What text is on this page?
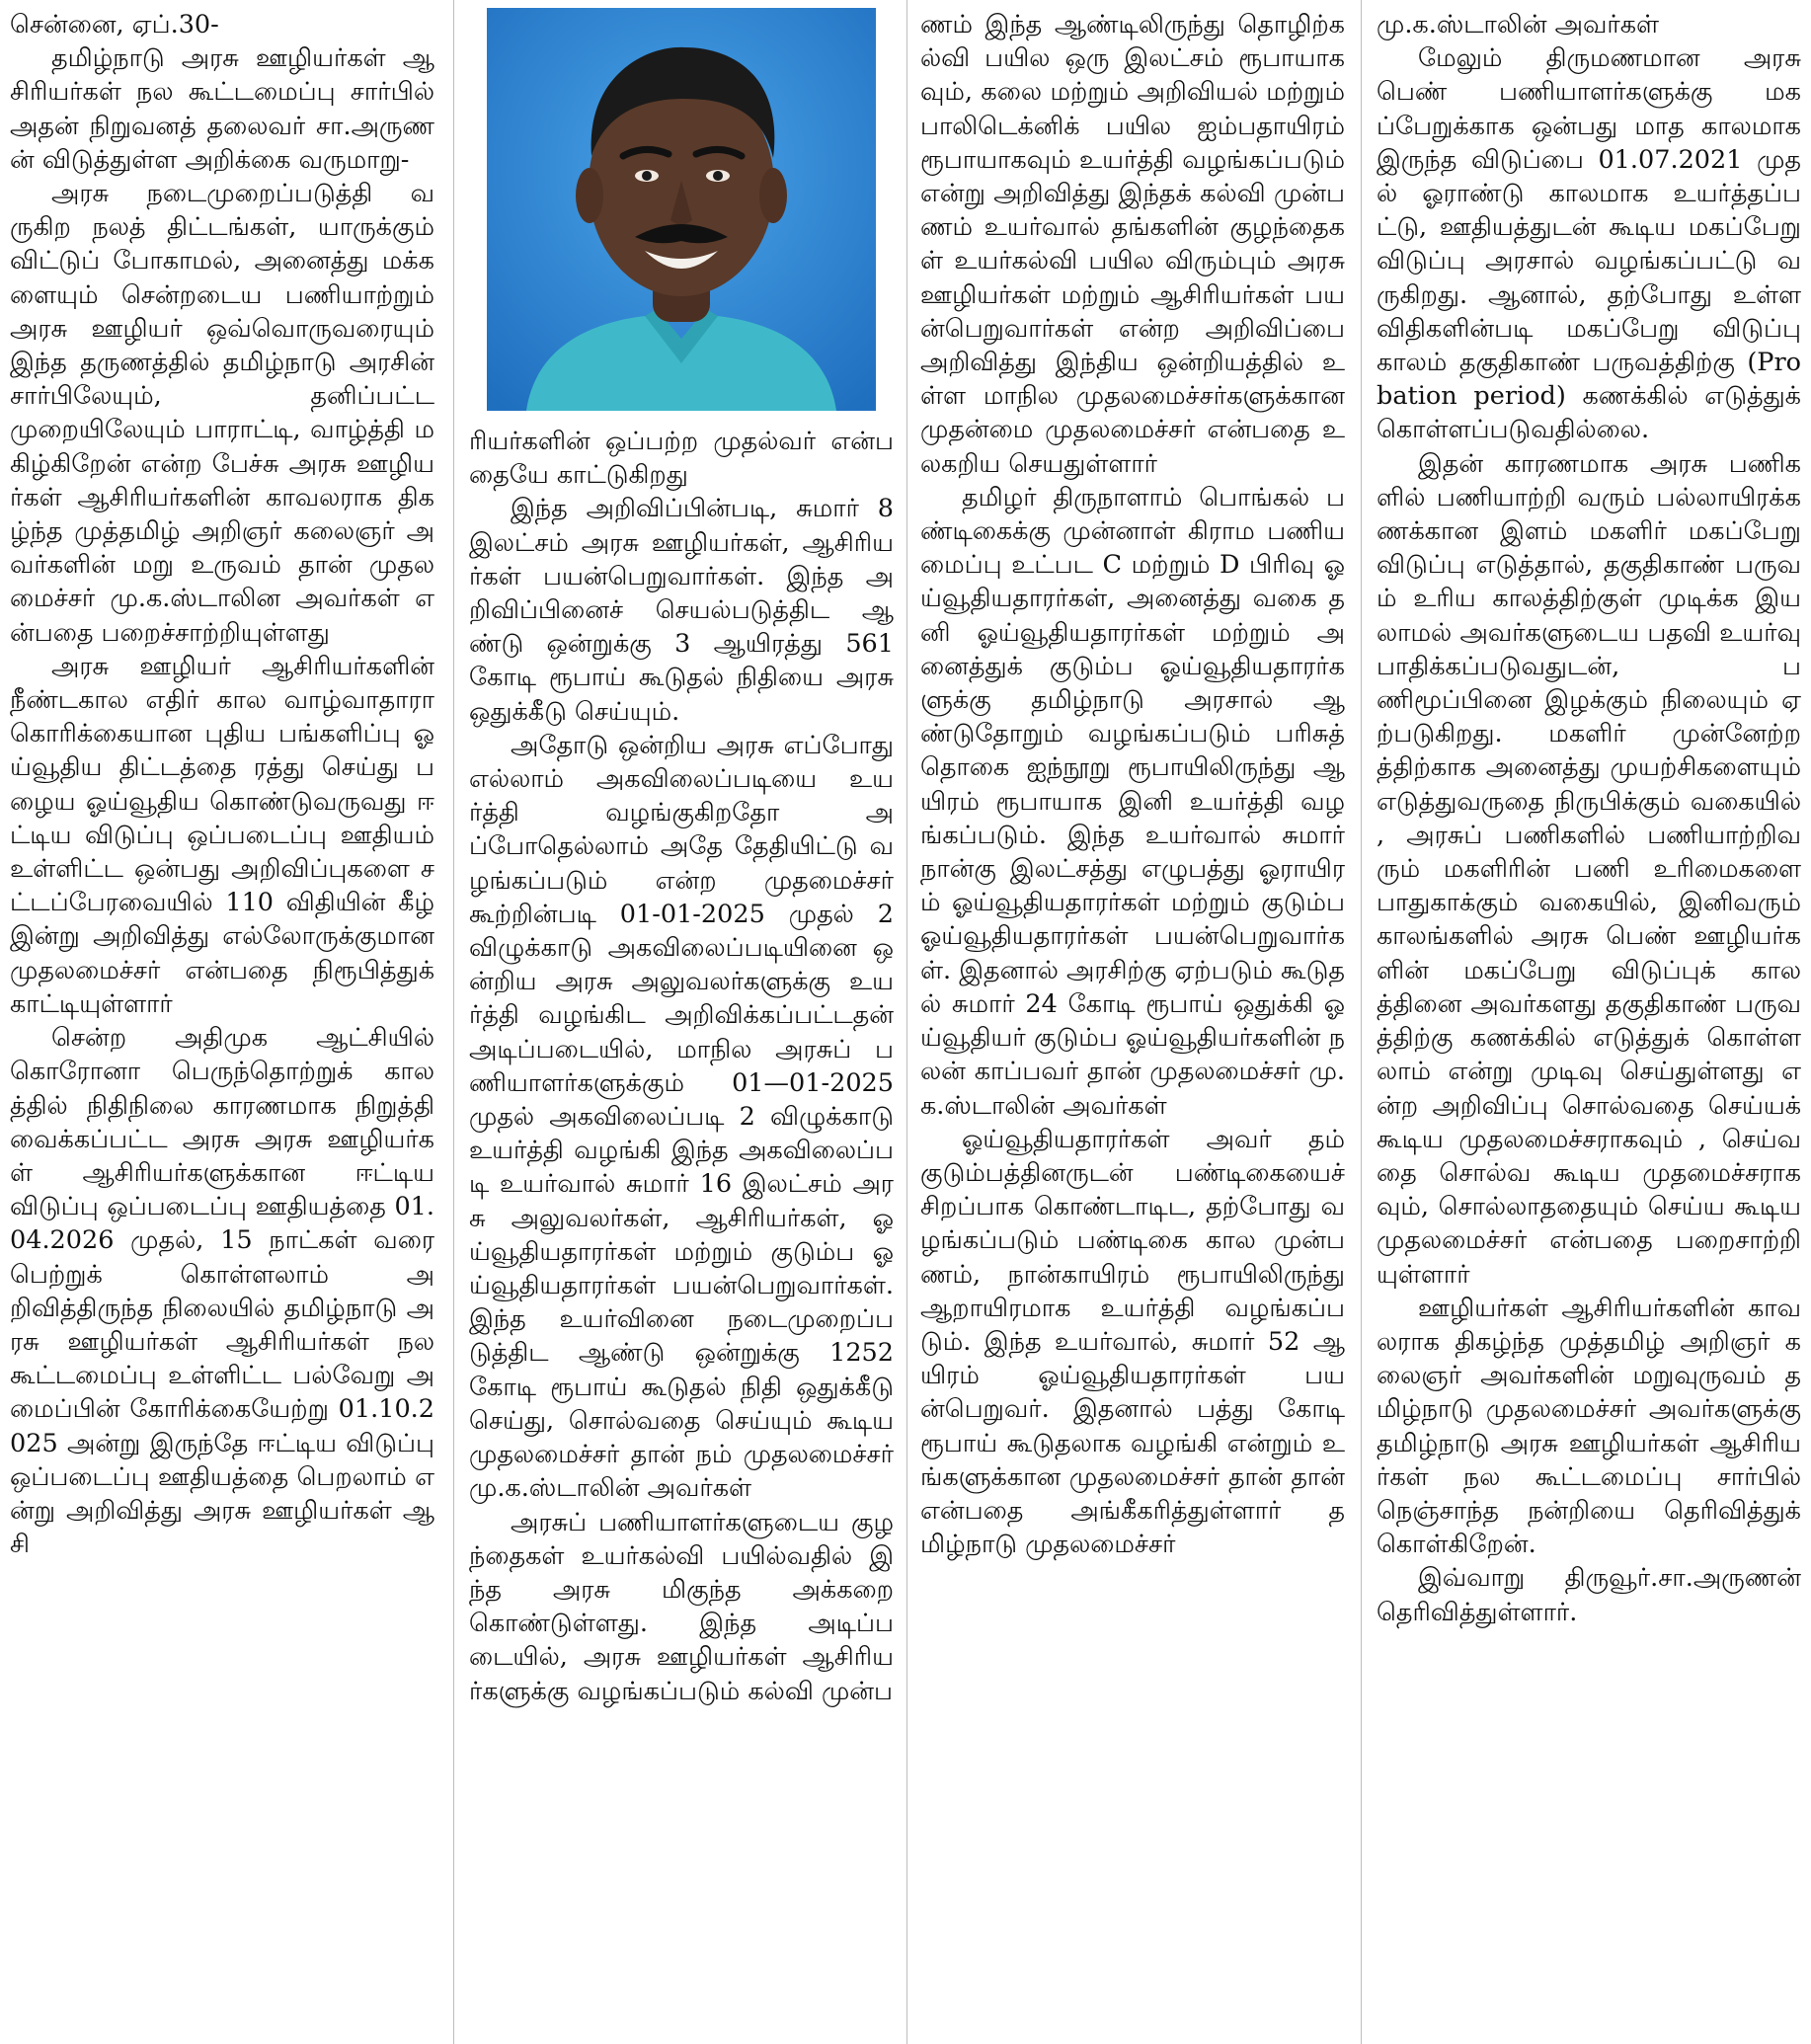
சென்னை, ஏப்.30-

தமிழ்நாடு அரசு ஊழியர்கள் ஆசிரியர்கள் நல கூட்டமைப்பு சார்பில் அதன் நிறுவனத் தலைவர் சா.அருணன் விடுத்துள்ள அறிக்கை வருமாறு-

அரசு நடைமுறைப்படுத்தி வருகிற நலத் திட்டங்கள், யாருக்கும் விட்டுப் போகாமல், அனைத்து மக்களையும் சென்றடைய பணியாற்றும் அரசு ஊழியர் ஒவ்வொருவரையும் இந்த தருணத்தில் தமிழ்நாடு அரசின் சார்பிலேயும், தனிப்பட்ட முறையிலேயும் பாராட்டி, வாழ்த்தி மகிழ்கிறேன் என்ற பேச்சு அரசு ஊழியர்கள் ஆசிரியர்களின் காவலராக திகழ்ந்த முத்தமிழ் அறிஞர் கலைஞர் அவர்களின் மறு உருவம் தான் முதலமைச்சர் மு.க.ஸ்டாலின அவர்கள் என்பதை பறைச்சாற்றியுள்ளது

அரசு ஊழியர் ஆசிரியர்களின் நீண்டகால எதிர் கால வாழ்வாதாரா கொரிக்கையான புதிய பங்களிப்பு ஓய்வூதிய திட்டத்தை ரத்து செய்து பழைய ஓய்வூதிய கொண்டுவருவது ஈட்டிய விடுப்பு ஒப்படைப்பு ஊதியம் உள்ளிட்ட ஒன்பது அறிவிப்புகளை சட்டப்பேரவையில் 110 விதியின் கீழ் இன்று அறிவித்து எல்லோருக்குமான முதலமைச்சர் என்பதை நிரூபித்துக் காட்டியுள்ளார்

சென்ற அதிமுக ஆட்சியில் கொரோனா பெருந்தொற்றுக் காலத்தில் நிதிநிலை காரணமாக நிறுத்தி வைக்கப்பட்ட அரசு அரசு ஊழியர்கள் ஆசிரியர்களுக்கான ஈட்டிய விடுப்பு ஒப்படைப்பு ஊதியத்தை 01.04.2026 முதல், 15 நாட்கள் வரை பெற்றுக் கொள்ளலாம் அறிவித்திருந்த நிலையில் தமிழ்நாடு அரசு ஊழியர்கள் ஆசிரியர்கள் நல கூட்டமைப்பு உள்ளிட்ட பல்வேறு அமைப்பின் கோரிக்கையேற்று 01.10.2025 அன்று இருந்தே ஈட்டிய விடுப்பு ஒப்படைப்பு ஊதியத்தை பெறலாம் என்று அறிவித்து அரசு ஊழியர்கள் ஆசி

ரியர்களின் ஒப்பற்ற முதல்வர் என்பதையே காட்டுகிறது

இந்த அறிவிப்பின்படி, சுமார் 8 இலட்சம் அரசு ஊழியர்கள், ஆசிரியர்கள் பயன்பெறுவார்கள். இந்த அறிவிப்பினைச் செயல்படுத்திட ஆண்டு ஒன்றுக்கு 3 ஆயிரத்து 561 கோடி ரூபாய் கூடுதல் நிதியை அரசு ஒதுக்கீடு செய்யும்.

அதோடு ஒன்றிய அரசு எப்போது எல்லாம் அகவிலைப்படியை உயர்த்தி வழங்குகிறதோ அப்போதெல்லாம் அதே தேதியிட்டு வழங்கப்படும் என்ற முதமைச்சர் கூற்றின்படி 01-01-2025 முதல் 2 விழுக்காடு அகவிலைப்படியினை ஒன்றிய அரசு அலுவலர்களுக்கு உயர்த்தி வழங்கிட அறிவிக்கப்பட்டதன் அடிப்படையில், மாநில அரசுப் பணியாளர்களுக்கும் 01—01-2025 முதல் அகவிலைப்படி 2 விழுக்காடு உயர்த்தி வழங்கி இந்த அகவிலைப்படி உயர்வால் சுமார் 16 இலட்சம் அரசு அலுவலர்கள், ஆசிரியர்கள், ஓய்வூதியதாரர்கள் மற்றும் குடும்ப ஓய்வூதியதாரர்கள் பயன்பெறுவார்கள். இந்த உயர்வினை நடைமுறைப்படுத்திட ஆண்டு ஒன்றுக்கு 1252 கோடி ரூபாய் கூடுதல் நிதி ஒதுக்கீடு செய்து, சொல்வதை செய்யும் கூடிய முதலமைச்சர் தான் நம் முதலமைச்சர் மு.க.ஸ்டாலின் அவர்கள்

அரசுப் பணியாளர்களுடைய குழந்தைகள் உயர்கல்வி பயில்வதில் இந்த அரசு மிகுந்த அக்கறை கொண்டுள்ளது. இந்த அடிப்படையில், அரசு ஊழியர்கள் ஆசிரியர்களுக்கு வழங்கப்படும் கல்வி முன்ப

ணம் இந்த ஆண்டிலிருந்து தொழிற்கல்வி பயில ஒரு இலட்சம் ரூபாயாகவும், கலை மற்றும் அறிவியல் மற்றும் பாலிடெக்னிக் பயில ஐம்பதாயிரம் ரூபாயாகவும் உயர்த்தி வழங்கப்படும் என்று அறிவித்து இந்தக் கல்வி முன்பணம் உயர்வால் தங்களின் குழந்தைகள் உயர்கல்வி பயில விரும்பும் அரசு ஊழியர்கள் மற்றும் ஆசிரியர்கள் பயன்பெறுவார்கள் என்ற அறிவிப்பை அறிவித்து இந்திய ஒன்றியத்தில் உள்ள மாநில முதலமைச்சர்களுக்கான முதன்மை முதலமைச்சர் என்பதை உலகறிய செயதுள்ளார்

தமிழர் திருநாளாம் பொங்கல் பண்டிகைக்கு முன்னாள் கிராம பணியமைப்பு உட்பட C மற்றும் D பிரிவு ஓய்வூதியதாரர்கள், அனைத்து வகை தனி ஓய்வூதியதாரர்கள் மற்றும் அனைத்துக் குடும்ப ஓய்வூதியதாரர்களுக்கு தமிழ்நாடு அரசால் ஆண்டுதோறும் வழங்கப்படும் பரிசுத் தொகை ஐந்நூறு ரூபாயிலிருந்து ஆயிரம் ரூபாயாக இனி உயர்த்தி வழங்கப்படும். இந்த உயர்வால் சுமார் நான்கு இலட்சத்து எழுபத்து ஓராயிரம் ஓய்வூதியதாரர்கள் மற்றும் குடும்ப ஓய்வூதியதாரர்கள் பயன்பெறுவார்கள். இதனால் அரசிற்கு ஏற்படும் கூடுதல் சுமார் 24 கோடி ரூபாய் ஒதுக்கி ஓய்வூதியர் குடும்ப ஓய்வூதியர்களின் நலன் காப்பவர் தான் முதலமைச்சர் மு.க.ஸ்டாலின் அவர்கள்

ஓய்வூதியதாரர்கள் அவர் தம் குடும்பத்தினருடன் பண்டிகையைச் சிறப்பாக கொண்டாடிட, தற்போது வழங்கப்படும் பண்டிகை கால முன்பணம், நான்காயிரம் ரூபாயிலிருந்து ஆறாயிரமாக உயர்த்தி வழங்கப்படும். இந்த உயர்வால், சுமார் 52 ஆயிரம் ஓய்வூதியதாரர்கள் பயன்பெறுவர். இதனால் பத்து கோடி ரூபாய் கூடுதலாக வழங்கி என்றும் உங்களுக்கான முதலமைச்சர் தான் தான் என்பதை அங்கீகரித்துள்ளார் தமிழ்நாடு முதலமைச்சர்

மு.க.ஸ்டாலின் அவர்கள்

மேலும் திருமணமான அரசு பெண் பணியாளர்களுக்கு மகப்பேறுக்காக ஒன்பது மாத காலமாக இருந்த விடுப்பை 01.07.2021 முதல் ஓராண்டு காலமாக உயர்த்தப்பட்டு, ஊதியத்துடன் கூடிய மகப்பேறு விடுப்பு அரசால் வழங்கப்பட்டு வருகிறது. ஆனால், தற்போது உள்ள விதிகளின்படி மகப்பேறு விடுப்பு காலம் தகுதிகாண் பருவத்திற்கு (Probation period) கணக்கில் எடுத்துக் கொள்ளப்படுவதில்லை.

இதன் காரணமாக அரசு பணிகளில் பணியாற்றி வரும் பல்லாயிரக்கணக்கான இளம் மகளிர் மகப்பேறு விடுப்பு எடுத்தால், தகுதிகாண் பருவம் உரிய காலத்திற்குள் முடிக்க இயலாமல் அவர்களுடைய பதவி உயர்வு பாதிக்கப்படுவதுடன், பணிமூப்பினை இழக்கும் நிலையும் ஏற்படுகிறது. மகளிர் முன்னேற்றத்திற்காக அனைத்து முயற்சிகளையும் எடுத்துவருதை நிருபிக்கும் வகையில் , அரசுப் பணிகளில் பணியாற்றிவரும் மகளிரின் பணி உரிமைகளை பாதுகாக்கும் வகையில், இனிவரும் காலங்களில் அரசு பெண் ஊழியர்களின் மகப்பேறு விடுப்புக் காலத்தினை அவர்களது தகுதிகாண் பருவத்திற்கு கணக்கில் எடுத்துக் கொள்ளலாம் என்று முடிவு செய்துள்ளது என்ற அறிவிப்பு சொல்வதை செய்யக் கூடிய முதலமைச்சராகவும் , செய்வதை சொல்வ கூடிய முதமைச்சராகவும், சொல்லாததையும் செய்ய கூடிய முதலமைச்சர் என்பதை பறைசாற்றி யுள்ளார்

ஊழியர்கள் ஆசிரியர்களின் காவலராக திகழ்ந்த முத்தமிழ் அறிஞர் கலைஞர் அவர்களின் மறுவுருவம் தமிழ்நாடு முதலமைச்சர் அவர்களுக்கு தமிழ்நாடு அரசு ஊழியர்கள் ஆசிரியர்கள் நல கூட்டமைப்பு சார்பில் நெஞ்சாந்த நன்றியை தெரிவித்துக் கொள்கிறேன்.

இவ்வாறு திருவூர்.சா.அருணன் தெரிவித்துள்ளார்.
